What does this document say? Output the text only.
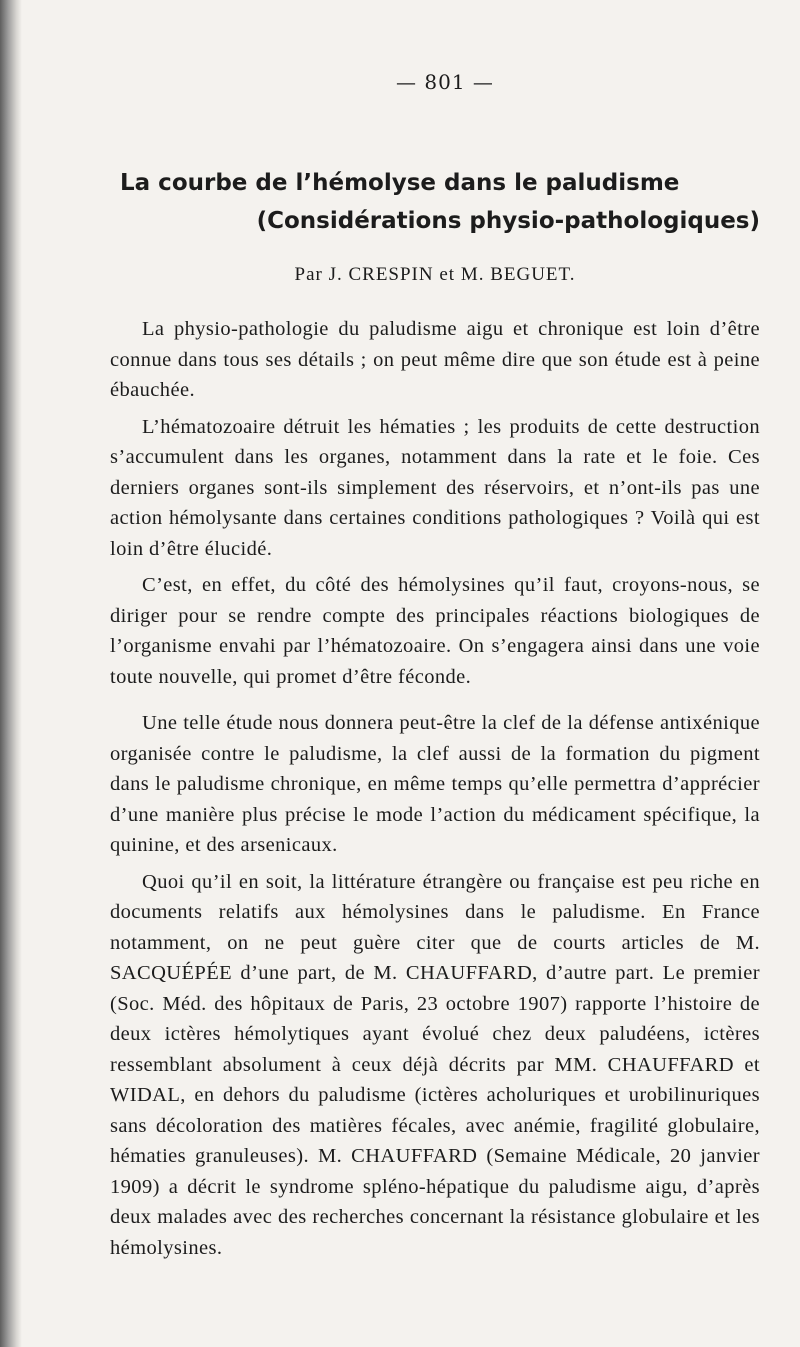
— 801 —
La courbe de l’hémolyse dans le paludisme
(Considérations physio-pathologiques)
Par J. CRESPIN et M. BEGUET.

La physio-pathologie du paludisme aigu et chronique est loin d’être connue dans tous ses détails ; on peut même dire que son étude est à peine ébauchée.

L’hématozoaire détruit les hématies ; les produits de cette destruction s’accumulent dans les organes, notamment dans la rate et le foie. Ces derniers organes sont-ils simplement des réservoirs, et n’ont-ils pas une action hémolysante dans certaines conditions pathologiques ? Voilà qui est loin d’être élucidé.

C’est, en effet, du côté des hémolysines qu’il faut, croyons-nous, se diriger pour se rendre compte des principales réactions biologiques de l’organisme envahi par l’hématozoaire. On s’engagera ainsi dans une voie toute nouvelle, qui promet d’être féconde.

Une telle étude nous donnera peut-être la clef de la défense antixénique organisée contre le paludisme, la clef aussi de la formation du pigment dans le paludisme chronique, en même temps qu’elle permettra d’apprécier d’une manière plus précise le mode l’action du médicament spécifique, la quinine, et des arsenicaux.

Quoi qu’il en soit, la littérature étrangère ou française est peu riche en documents relatifs aux hémolysines dans le paludisme. En France notamment, on ne peut guère citer que de courts articles de M. SACQUÉPÉE d’une part, de M. CHAUFFARD, d’autre part. Le premier (Soc. Méd. des hôpitaux de Paris, 23 octobre 1907) rapporte l’histoire de deux ictères hémolytiques ayant évolué chez deux paludéens, ictères ressemblant absolument à ceux déjà décrits par MM. CHAUFFARD et WIDAL, en dehors du paludisme (ictères acholuriques et urobilinuriques sans décoloration des matières fécales, avec anémie, fragilité globulaire, hématies granuleuses). M. CHAUFFARD (Semaine Médicale, 20 janvier 1909) a décrit le syndrome spléno-hépatique du paludisme aigu, d’après deux malades avec des recherches concernant la résistance globulaire et les hémolysines.
